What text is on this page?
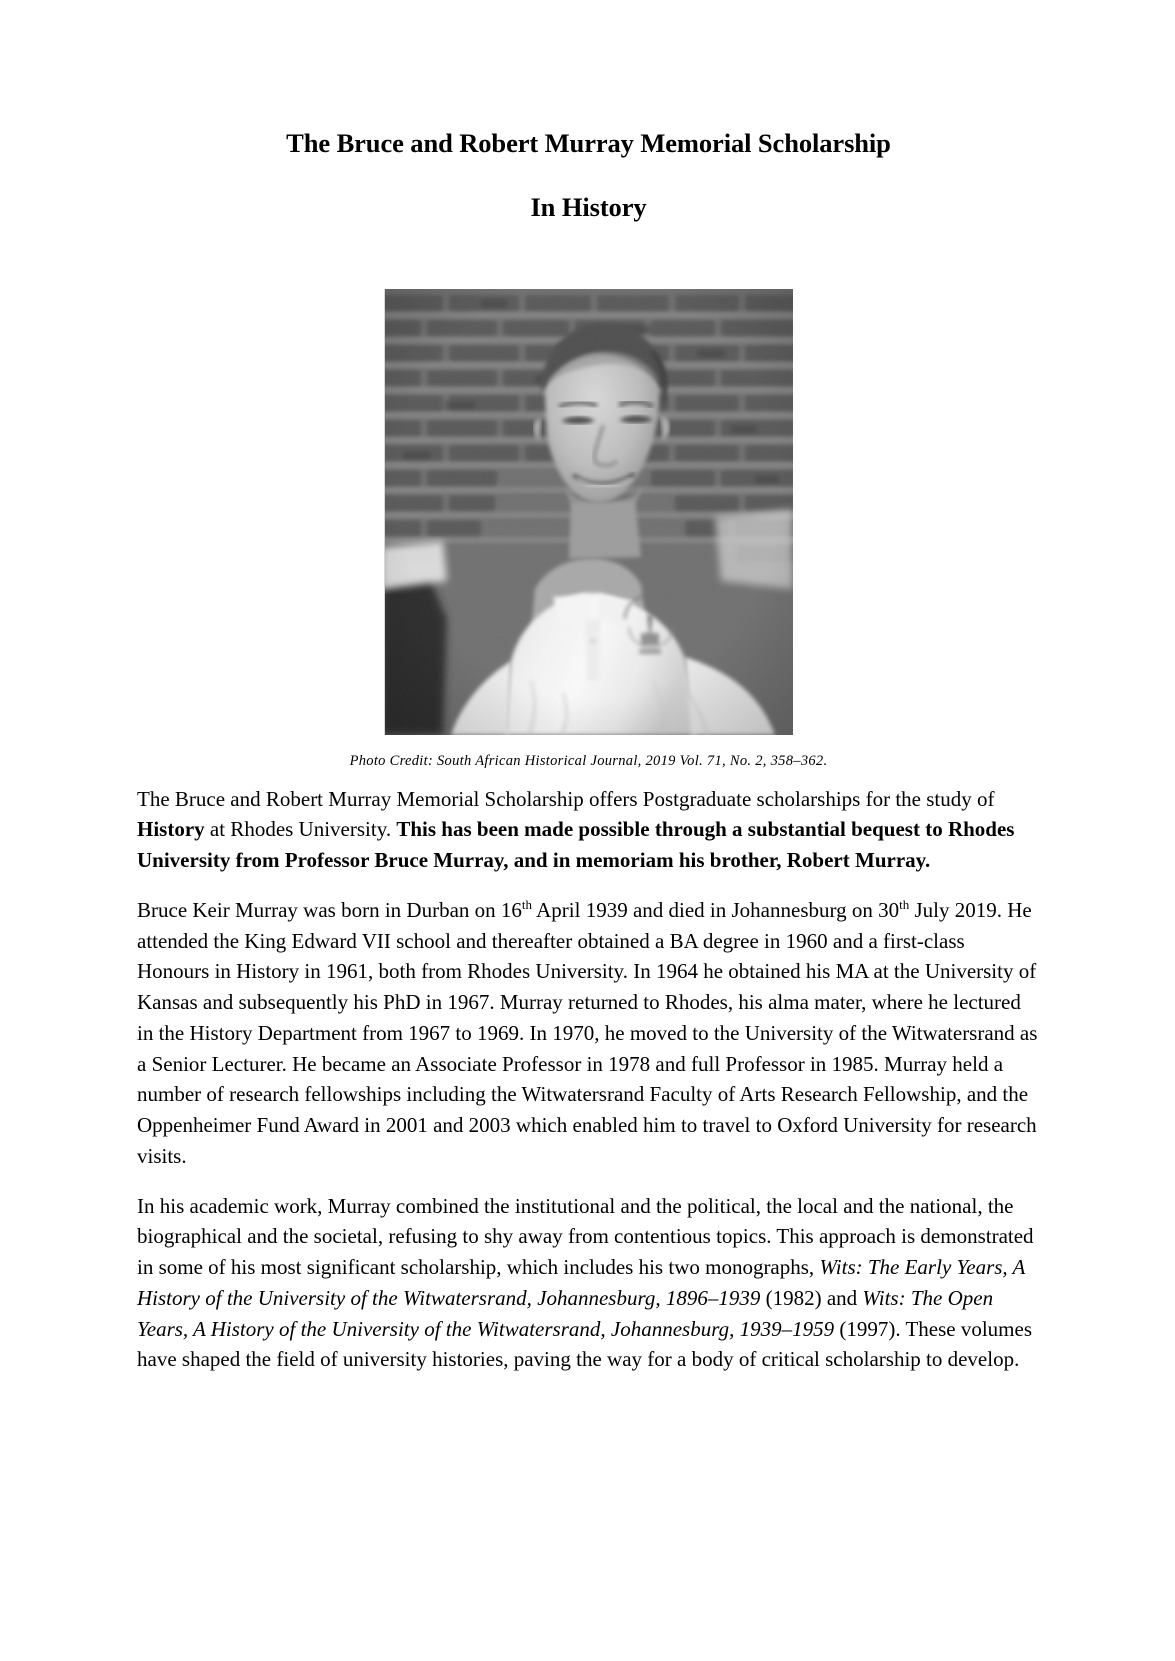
The Bruce and Robert Murray Memorial Scholarship
In History
Photo Credit: South African Historical Journal, 2019 Vol. 71, No. 2, 358–362.

The Bruce and Robert Murray Memorial Scholarship offers Postgraduate scholarships for the study of History at Rhodes University. This has been made possible through a substantial bequest to Rhodes University from Professor Bruce Murray, and in memoriam his brother, Robert Murray.

Bruce Keir Murray was born in Durban on 16th April 1939 and died in Johannesburg on 30th July 2019. He attended the King Edward VII school and thereafter obtained a BA degree in 1960 and a first-class Honours in History in 1961, both from Rhodes University. In 1964 he obtained his MA at the University of Kansas and subsequently his PhD in 1967. Murray returned to Rhodes, his alma mater, where he lectured in the History Department from 1967 to 1969. In 1970, he moved to the University of the Witwatersrand as a Senior Lecturer. He became an Associate Professor in 1978 and full Professor in 1985. Murray held a number of research fellowships including the Witwatersrand Faculty of Arts Research Fellowship, and the Oppenheimer Fund Award in 2001 and 2003 which enabled him to travel to Oxford University for research visits.

In his academic work, Murray combined the institutional and the political, the local and the national, the biographical and the societal, refusing to shy away from contentious topics. This approach is demonstrated in some of his most significant scholarship, which includes his two monographs, Wits: The Early Years, A History of the University of the Witwatersrand, Johannesburg, 1896–1939 (1982) and Wits: The Open Years, A History of the University of the Witwatersrand, Johannesburg, 1939–1959 (1997). These volumes have shaped the field of university histories, paving the way for a body of critical scholarship to develop.
